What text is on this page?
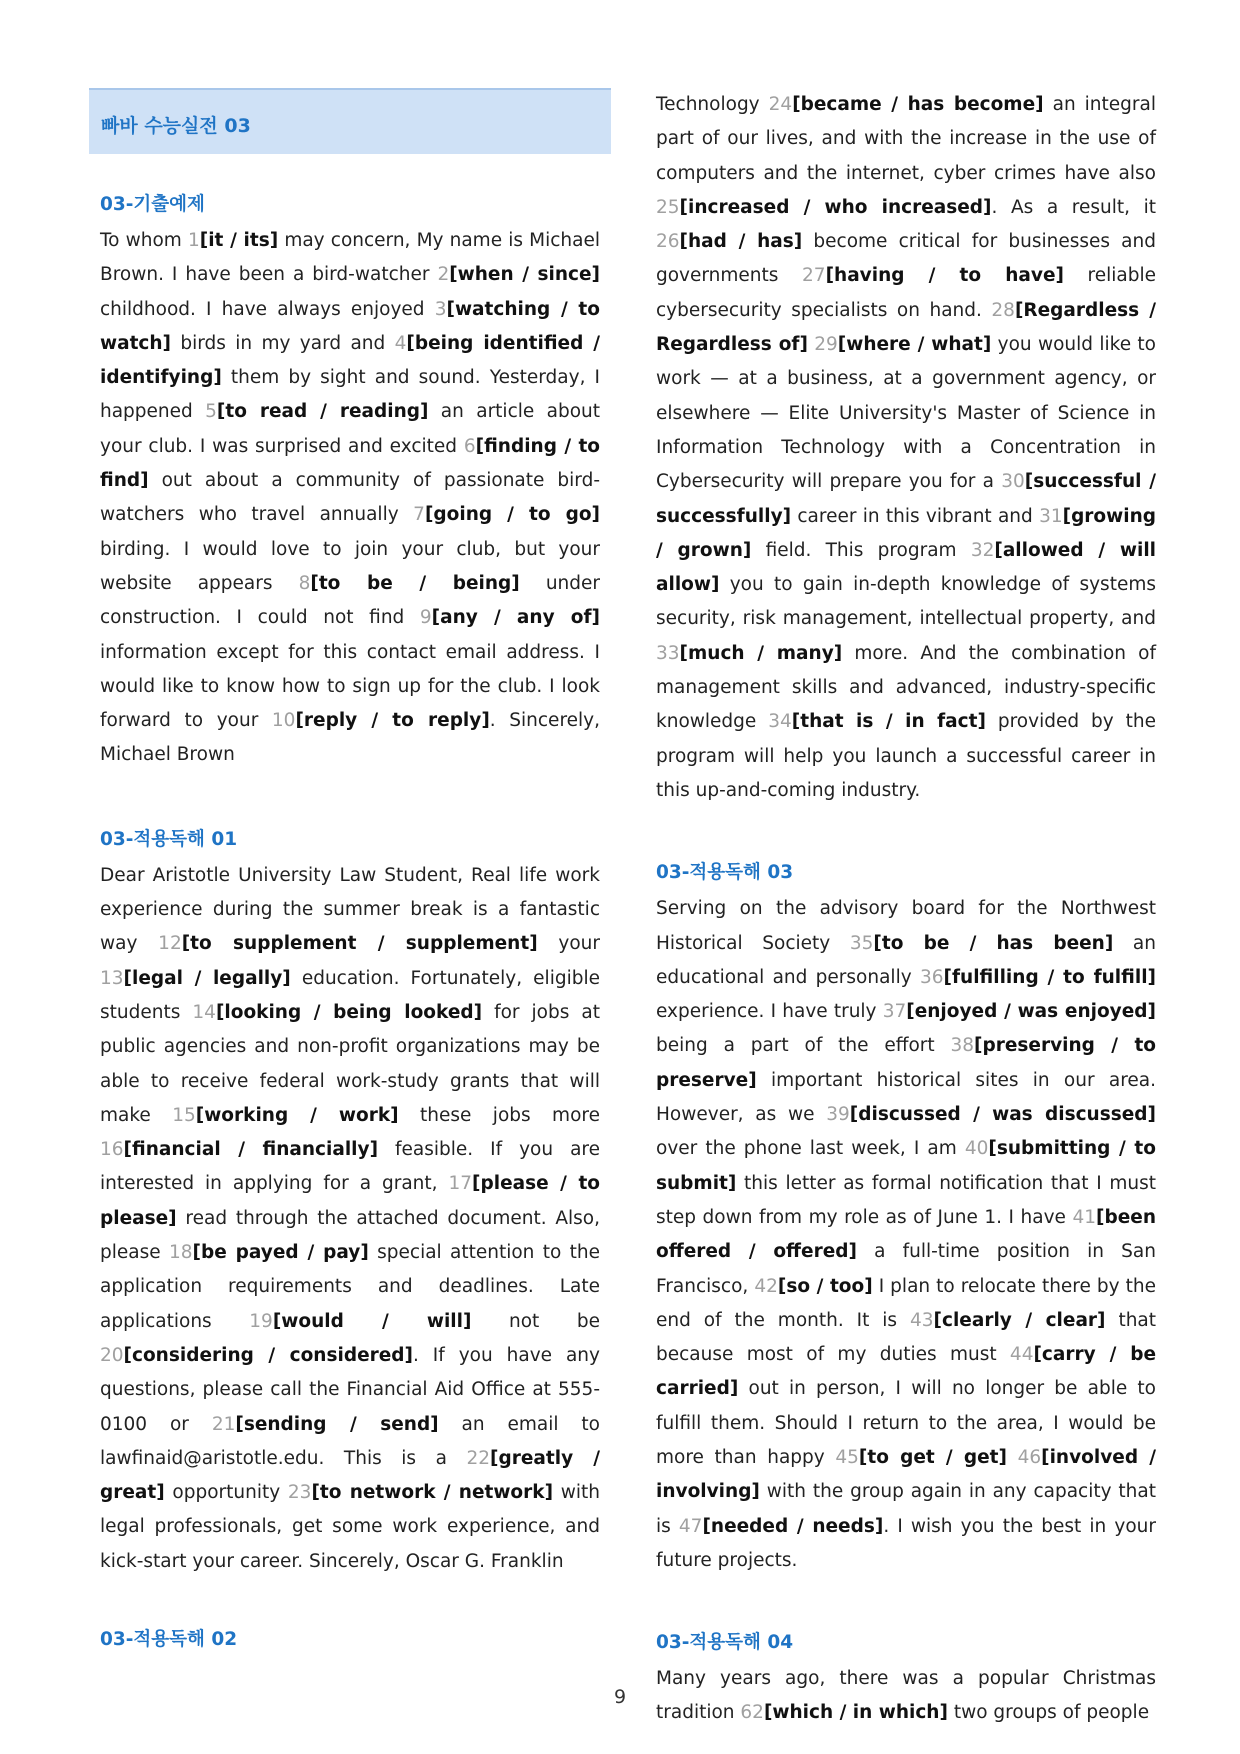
빠바 수능실전 03
03-기출예제
To whom 1[it / its] may concern, My name is Michael Brown. I have been a bird-watcher 2[when / since] childhood. I have always enjoyed 3[watching / to watch] birds in my yard and 4[being identified / identifying] them by sight and sound. Yesterday, I happened 5[to read / reading] an article about your club. I was surprised and excited 6[finding / to find] out about a community of passionate bird-watchers who travel annually 7[going / to go] birding. I would love to join your club, but your website appears 8[to be / being] under construction. I could not find 9[any / any of] information except for this contact email address. I would like to know how to sign up for the club. I look forward to your 10[reply / to reply]. Sincerely, Michael Brown
03-적용독해 01
Dear Aristotle University Law Student, Real life work experience during the summer break is a fantastic way 12[to supplement / supplement] your 13[legal / legally] education. Fortunately, eligible students 14[looking / being looked] for jobs at public agencies and non-profit organizations may be able to receive federal work-study grants that will make 15[working / work] these jobs more 16[financial / financially] feasible. If you are interested in applying for a grant, 17[please / to please] read through the attached document. Also, please 18[be payed / pay] special attention to the application requirements and deadlines. Late applications 19[would / will] not be 20[considering / considered]. If you have any questions, please call the Financial Aid Office at 555-0100 or 21[sending / send] an email to lawfinaid@aristotle.edu. This is a 22[greatly / great] opportunity 23[to network / network] with legal professionals, get some work experience, and kick-start your career. Sincerely, Oscar G. Franklin
03-적용독해 02
Technology 24[became / has become] an integral part of our lives, and with the increase in the use of computers and the internet, cyber crimes have also 25[increased / who increased]. As a result, it 26[had / has] become critical for businesses and governments 27[having / to have] reliable cybersecurity specialists on hand. 28[Regardless / Regardless of] 29[where / what] you would like to work — at a business, at a government agency, or elsewhere — Elite University's Master of Science in Information Technology with a Concentration in Cybersecurity will prepare you for a 30[successful / successfully] career in this vibrant and 31[growing / grown] field. This program 32[allowed / will allow] you to gain in-depth knowledge of systems security, risk management, intellectual property, and 33[much / many] more. And the combination of management skills and advanced, industry-specific knowledge 34[that is / in fact] provided by the program will help you launch a successful career in this up-and-coming industry.
03-적용독해 03
Serving on the advisory board for the Northwest Historical Society 35[to be / has been] an educational and personally 36[fulfilling / to fulfill] experience. I have truly 37[enjoyed / was enjoyed] being a part of the effort 38[preserving / to preserve] important historical sites in our area. However, as we 39[discussed / was discussed] over the phone last week, I am 40[submitting / to submit] this letter as formal notification that I must step down from my role as of June 1. I have 41[been offered / offered] a full-time position in San Francisco, 42[so / too] I plan to relocate there by the end of the month. It is 43[clearly / clear] that because most of my duties must 44[carry / be carried] out in person, I will no longer be able to fulfill them. Should I return to the area, I would be more than happy 45[to get / get] 46[involved / involving] with the group again in any capacity that is 47[needed / needs]. I wish you the best in your future projects.
03-적용독해 04
Many years ago, there was a popular Christmas tradition 62[which / in which] two groups of people
9
